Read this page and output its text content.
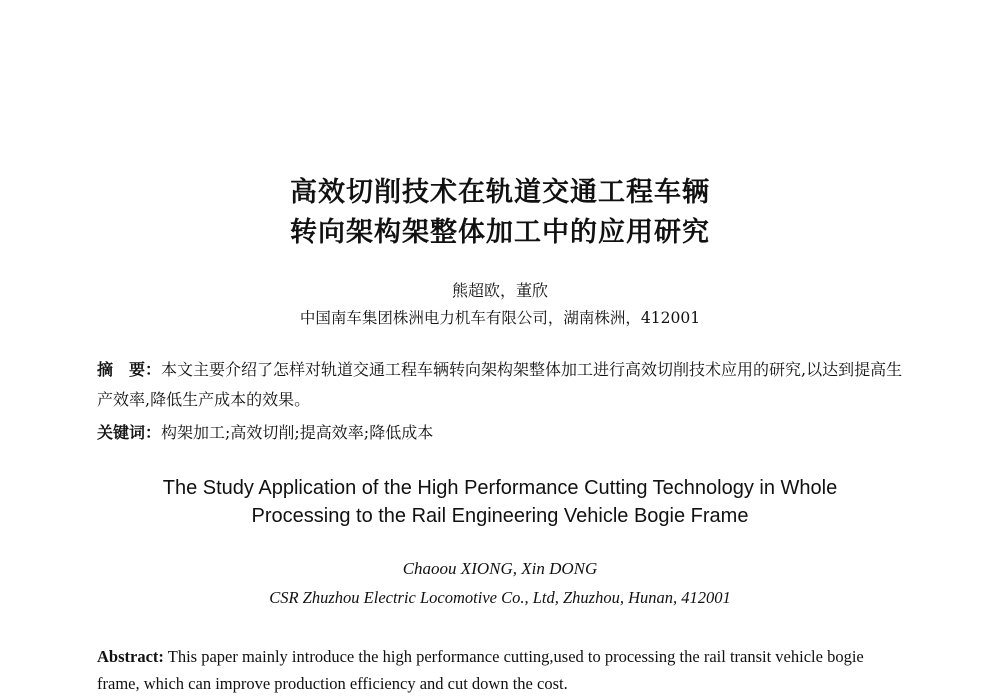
高效切削技术在轨道交通工程车辆
转向架构架整体加工中的应用研究

熊超欧，董欣

中国南车集团株洲电力机车有限公司，湖南株洲，412001

摘　要：本文主要介绍了怎样对轨道交通工程车辆转向架构架整体加工进行高效切削技术应用的研究,以达到提高生产效率,降低生产成本的效果。

关键词：构架加工;高效切削;提高效率;降低成本

The Study Application of the High Performance Cutting Technology in Whole
Processing to the Rail Engineering Vehicle Bogie Frame

Chaoou XIONG, Xin DONG

CSR Zhuzhou Electric Locomotive Co., Ltd, Zhuzhou, Hunan, 412001

Abstract: This paper mainly introduce the high performance cutting,used to processing the rail transit vehicle bogie frame, which can improve production efficiency and cut down the cost.
